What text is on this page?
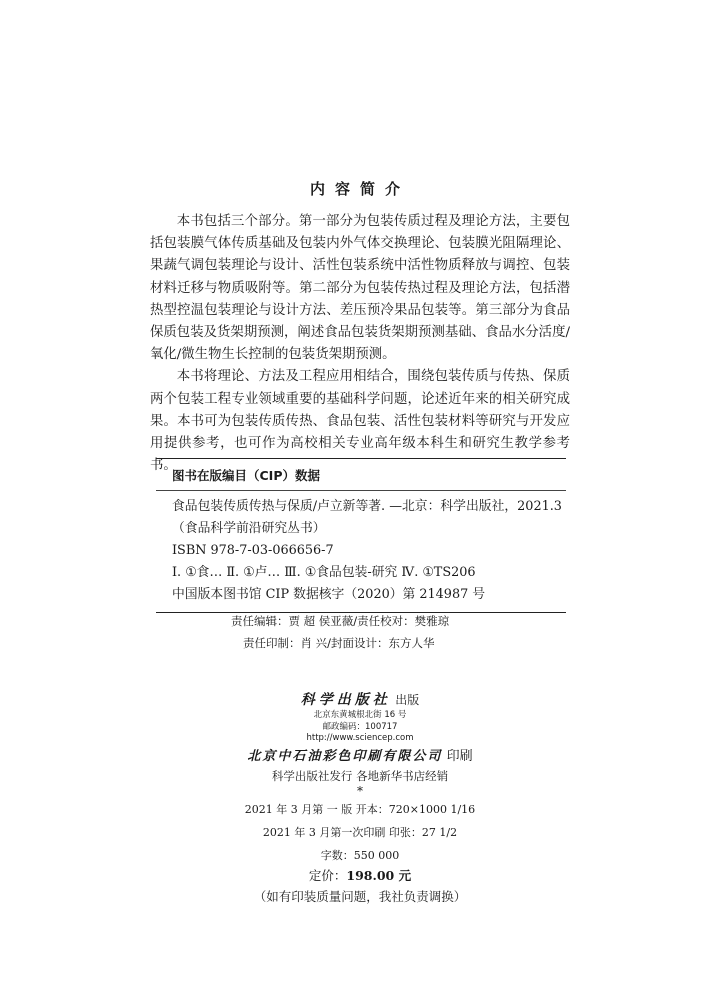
内容简介

本书包括三个部分。第一部分为包装传质过程及理论方法，主要包括包装膜气体传质基础及包装内外气体交换理论、包装膜光阻隔理论、果蔬气调包装理论与设计、活性包装系统中活性物质释放与调控、包装材料迁移与物质吸附等。第二部分为包装传热过程及理论方法，包括潜热型控温包装理论与设计方法、差压预冷果品包装等。第三部分为食品保质包装及货架期预测，阐述食品包装货架期预测基础、食品水分活度/氧化/微生物生长控制的包装货架期预测。

本书将理论、方法及工程应用相结合，围绕包装传质与传热、保质两个包装工程专业领域重要的基础科学问题，论述近年来的相关研究成果。本书可为包装传质传热、食品包装、活性包装材料等研究与开发应用提供参考，也可作为高校相关专业高年级本科生和研究生教学参考书。

图书在版编目（CIP）数据
食品包装传质传热与保质/卢立新等著. —北京：科学出版社，2021.3
（食品科学前沿研究丛书）
ISBN 978-7-03-066656-7
Ⅰ. ①食… Ⅱ. ①卢… Ⅲ. ①食品包装-研究 Ⅳ. ①TS206
中国版本图书馆 CIP 数据核字（2020）第 214987 号
责任编辑：贾 超 侯亚薇/责任校对：樊雅琼
责任印制：肖 兴/封面设计：东方人华
科学出版社 出版
北京东黄城根北街 16 号
邮政编码：100717
http://www.sciencep.com
北京中石油彩色印刷有限公司 印刷
科学出版社发行 各地新华书店经销
*
2021 年 3 月第 一 版 开本：720×1000 1/16
2021 年 3 月第一次印刷 印张：27 1/2
字数：550 000
定价：198.00 元
（如有印装质量问题，我社负责调换）
